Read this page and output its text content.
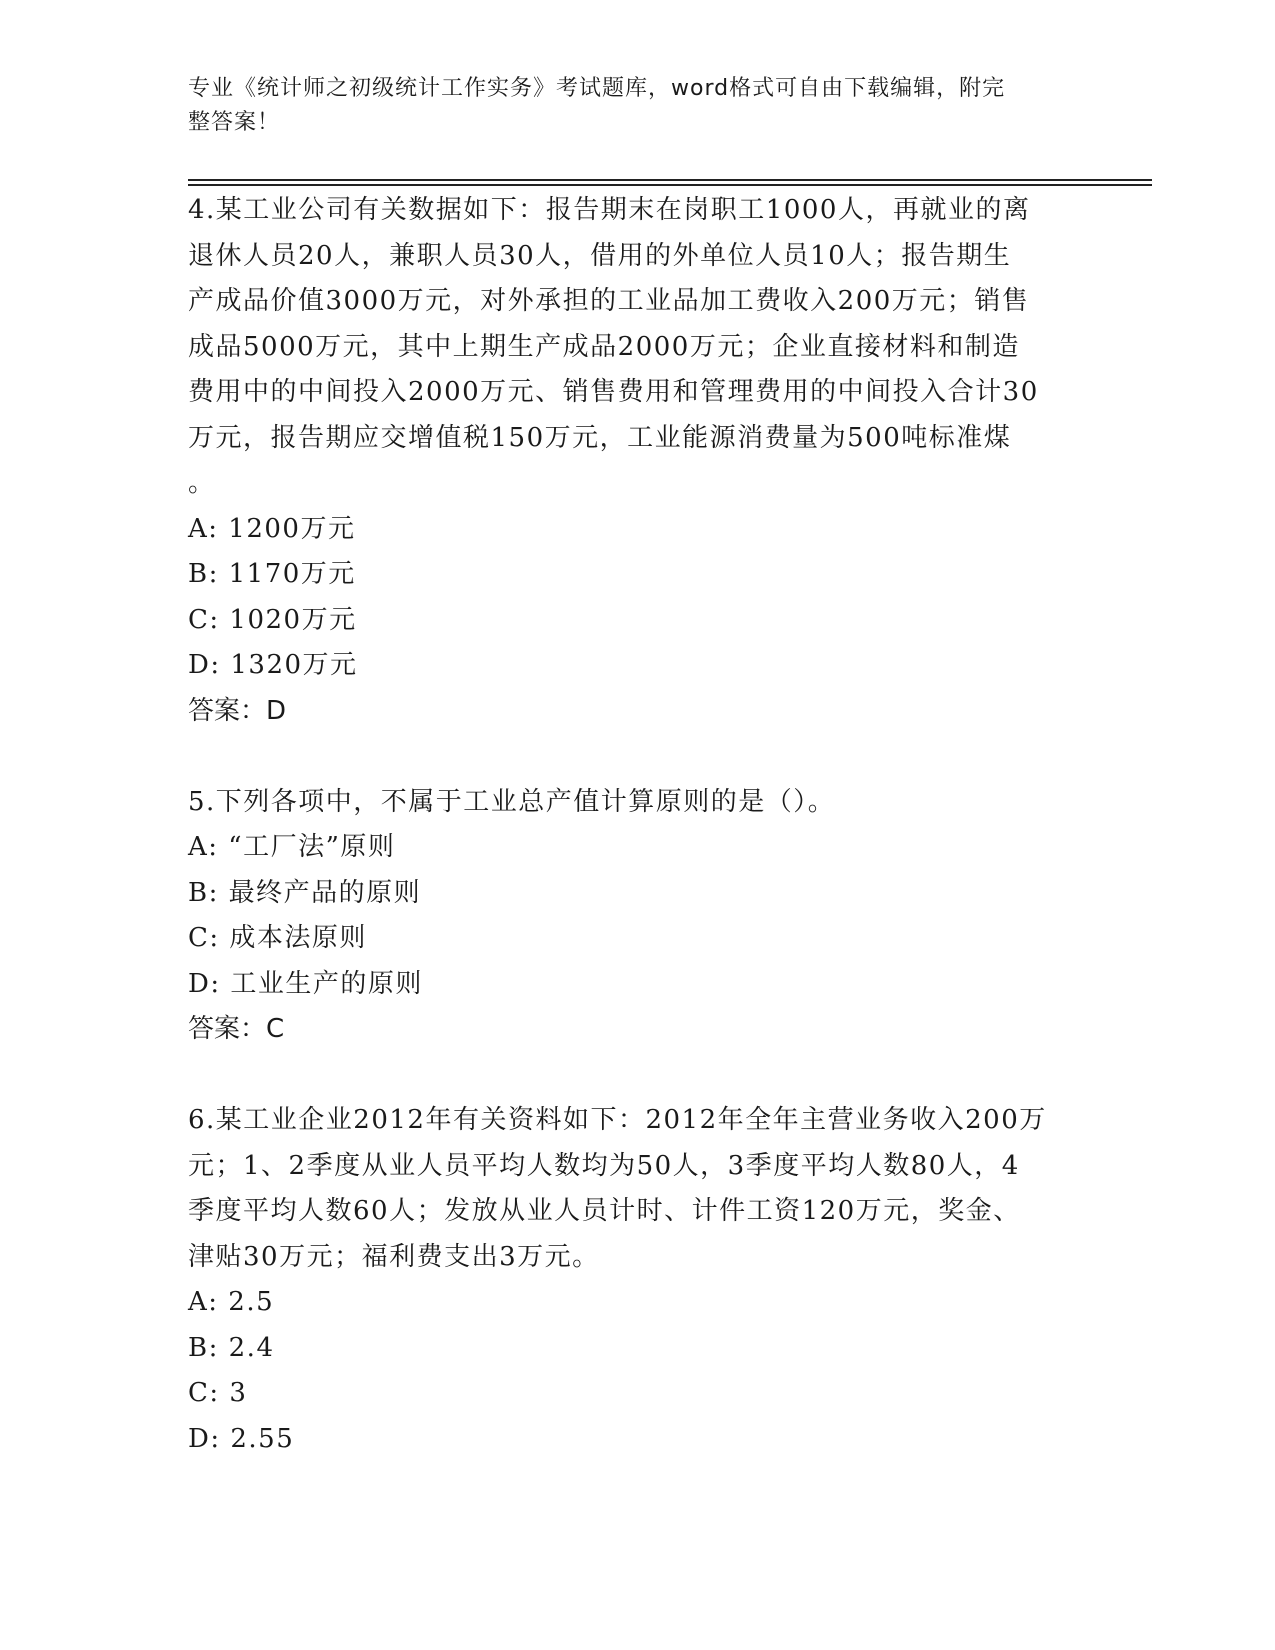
专业《统计师之初级统计工作实务》考试题库，word格式可自由下载编辑，附完
整答案！

4.某工业公司有关数据如下：报告期末在岗职工1000人，再就业的离

退休人员20人，兼职人员30人，借用的外单位人员10人；报告期生

产成品价值3000万元，对外承担的工业品加工费收入200万元；销售

成品5000万元，其中上期生产成品2000万元；企业直接材料和制造

费用中的中间投入2000万元、销售费用和管理费用的中间投入合计30

万元，报告期应交增值税150万元，工业能源消费量为500吨标准煤

。

A: 1200万元

B: 1170万元

C: 1020万元

D: 1320万元

答案：D

5.下列各项中，不属于工业总产值计算原则的是（）。

A: “工厂法”原则

B: 最终产品的原则

C: 成本法原则

D: 工业生产的原则

答案：C

6.某工业企业2012年有关资料如下：2012年全年主营业务收入200万

元；1、2季度从业人员平均人数均为50人，3季度平均人数80人，4

季度平均人数60人；发放从业人员计时、计件工资120万元，奖金、

津贴30万元；福利费支出3万元。

A: 2.5

B: 2.4

C: 3

D: 2.55
